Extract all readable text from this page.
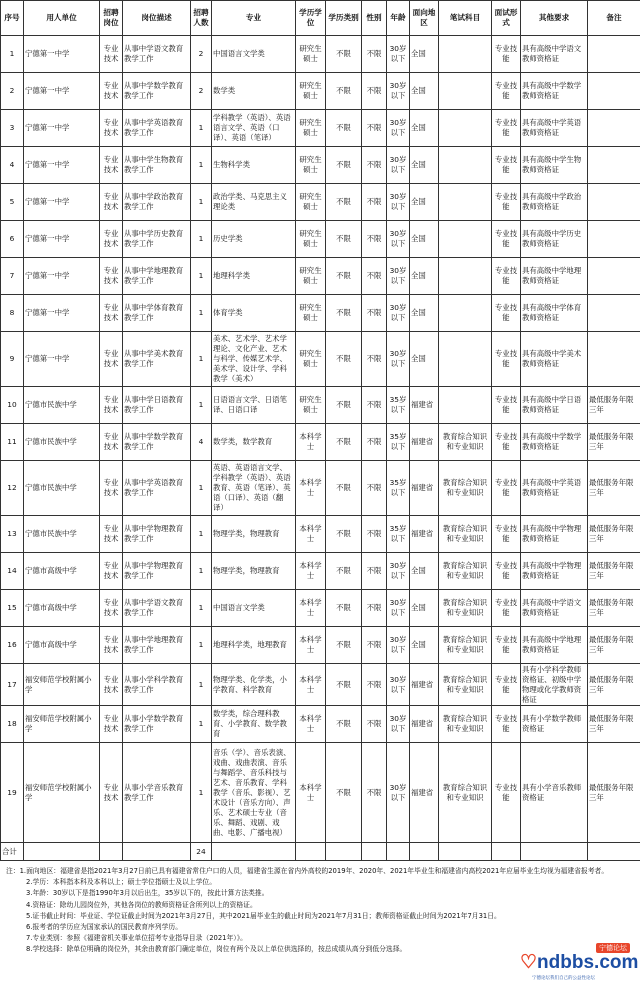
序号	用人单位	招聘岗位	岗位描述	招聘人数	专业	学历学位	学历类别	性别	年龄	面向地区	笔试科目	面试形式	其他要求	备注
1	宁德第一中学	专业技术	从事中学语文教育教学工作	2	中国语言文学类	研究生硕士	不限	不限	30岁以下	全国		专业技能	具有高级中学语文教师资格证	
2	宁德第一中学	专业技术	从事中学数学教育教学工作	2	数学类	研究生硕士	不限	不限	30岁以下	全国		专业技能	具有高级中学数学教师资格证	
3	宁德第一中学	专业技术	从事中学英语教育教学工作	1	学科教学（英语）、英语语言文学、英语（口译）、英语（笔译）	研究生硕士	不限	不限	30岁以下	全国		专业技能	具有高级中学英语教师资格证	
4	宁德第一中学	专业技术	从事中学生物教育教学工作	1	生物科学类	研究生硕士	不限	不限	30岁以下	全国		专业技能	具有高级中学生物教师资格证	
5	宁德第一中学	专业技术	从事中学政治教育教学工作	1	政治学类、马克思主义理论类	研究生硕士	不限	不限	30岁以下	全国		专业技能	具有高级中学政治教师资格证	
6	宁德第一中学	专业技术	从事中学历史教育教学工作	1	历史学类	研究生硕士	不限	不限	30岁以下	全国		专业技能	具有高级中学历史教师资格证	
7	宁德第一中学	专业技术	从事中学地理教育教学工作	1	地理科学类	研究生硕士	不限	不限	30岁以下	全国		专业技能	具有高级中学地理教师资格证	
8	宁德第一中学	专业技术	从事中学体育教育教学工作	1	体育学类	研究生硕士	不限	不限	30岁以下	全国		专业技能	具有高级中学体育教师资格证	
9	宁德第一中学	专业技术	从事中学美术教育教学工作	1	美术、艺术学、艺术学理论、文化产业、艺术与科学、传媒艺术学、美术学、设计学、学科教学（美术）	研究生硕士	不限	不限	30岁以下	全国		专业技能	具有高级中学美术教师资格证	
10	宁德市民族中学	专业技术	从事中学日语教育教学工作	1	日语语言文学、日语笔译、日语口译	研究生硕士	不限	不限	35岁以下	福建省		专业技能	具有高级中学日语教师资格证	最低服务年限三年
11	宁德市民族中学	专业技术	从事中学数学教育教学工作	4	数学类，数学教育	本科学士	不限	不限	35岁以下	福建省	教育综合知识和专业知识	专业技能	具有高级中学数学教师资格证	最低服务年限三年
12	宁德市民族中学	专业技术	从事中学英语教育教学工作	1	英语、英语语言文学、学科教学（英语）、英语教育、英语（笔译）、英语（口译）、英语（翻译）	本科学士	不限	不限	35岁以下	福建省	教育综合知识和专业知识	专业技能	具有高级中学英语教师资格证	最低服务年限三年
13	宁德市民族中学	专业技术	从事中学物理教育教学工作	1	物理学类，物理教育	本科学士	不限	不限	35岁以下	福建省	教育综合知识和专业知识	专业技能	具有高级中学物理教师资格证	最低服务年限三年
14	宁德市高级中学	专业技术	从事中学物理教育教学工作	1	物理学类，物理教育	本科学士	不限	不限	30岁以下	全国	教育综合知识和专业知识	专业技能	具有高级中学物理教师资格证	最低服务年限三年
15	宁德市高级中学	专业技术	从事中学语文教育教学工作	1	中国语言文学类	本科学士	不限	不限	30岁以下	全国	教育综合知识和专业知识	专业技能	具有高级中学语文教师资格证	最低服务年限三年
16	宁德市高级中学	专业技术	从事中学地理教育教学工作	1	地理科学类，地理教育	本科学士	不限	不限	30岁以下	全国	教育综合知识和专业知识	专业技能	具有高级中学地理教师资格证	最低服务年限三年
17	福安师范学校附属小学	专业技术	从事小学科学教育教学工作	1	物理学类、化学类，小学教育、科学教育	本科学士	不限	不限	30岁以下	福建省	教育综合知识和专业知识	专业技能	具有小学科学教师资格证、初级中学物理或化学教师资格证	最低服务年限三年
18	福安师范学校附属小学	专业技术	从事小学数学教育教学工作	1	数学类，综合理科教育、小学教育、数学教育	本科学士	不限	不限	30岁以下	福建省	教育综合知识和专业知识	专业技能	具有小学数学教师资格证	最低服务年限三年
19	福安师范学校附属小学	专业技术	从事小学音乐教育教学工作	1	音乐（学）、音乐表演、戏曲、戏曲表演、音乐与舞蹈学、音乐科技与艺术、音乐教育、学科教学（音乐、影视）、艺术设计（音乐方向）、声乐、艺术硕士专业（音乐、舞蹈、戏剧、戏曲、电影、广播电视）	本科学士	不限	不限	30岁以下	福建省	教育综合知识和专业知识	专业技能	具有小学音乐教师资格证	最低服务年限三年
合计				24										
注：1.面向地区：福建省是指2021年3月27日前已具有福建省常住户口的人员，福建省生源在省内外高校的2019年、2020年、2021年毕业生和福建省内高校2021年应届毕业生均视为福建省报考者。
2.学历：本科指本科及本科以上；硕士学位指硕士及以上学位。
3.年龄：30岁以下是指1990年3月以后出生，35岁以下的，按此计算方法类推。
4.资格证：除幼儿园岗位外，其他各岗位的教师资格证含所列以上的资格证。
5.证书截止时间：毕业证、学位证截止时间为2021年3月27日，其中2021届毕业生的截止时间为2021年7月31日；教师资格证截止时间为2021年7月31日。
6.报考者的学历应为国家承认的国民教育序列学历。
7.专业类别：参照《福建省机关事业单位招考专业指导目录（2021年）》。
8.学校选择：除单位明确的岗位外，其余由教育部门确定单位，岗位有两个及以上单位供选择的，按总成绩从高分到低分选择。	宁德论坛
♡ndbbs.com
宁德论坛我们自己的公益性论坛
